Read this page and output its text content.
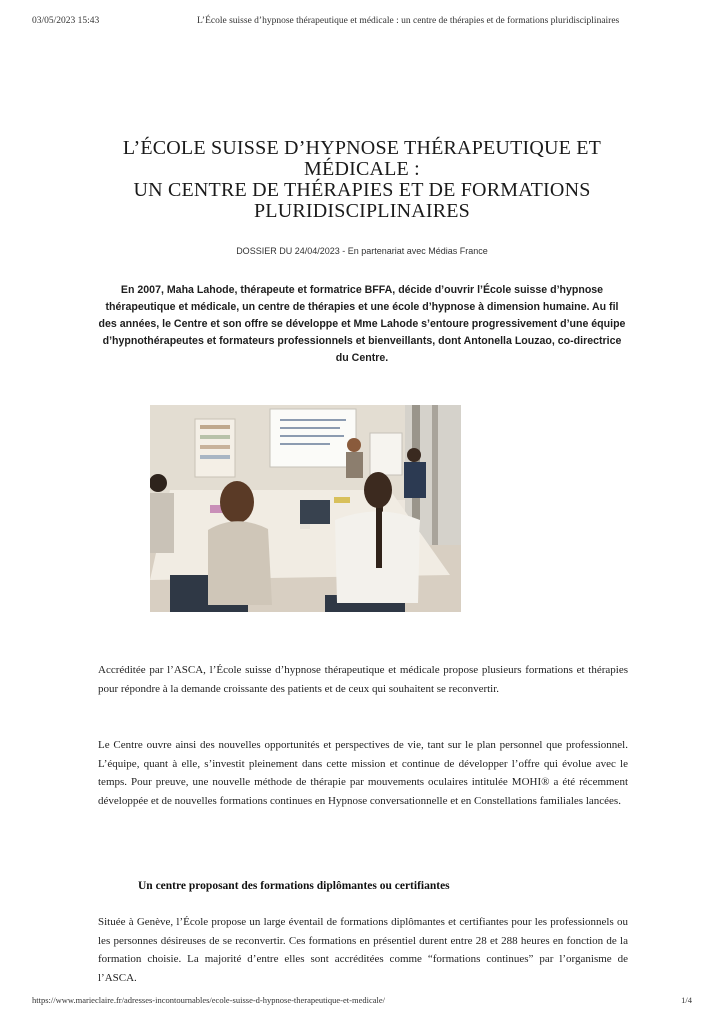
03/05/2023 15:43	L’École suisse d’hypnose thérapeutique et médicale : un centre de thérapies et de formations pluridisciplinaires
L’ÉCOLE SUISSE D’HYPNOSE THÉRAPEUTIQUE ET
MÉDICALE :
UN CENTRE DE THÉRAPIES ET DE FORMATIONS
PLURIDISCIPLINAIRES
DOSSIER DU 24/04/2023 - En partenariat avec Médias France
En 2007, Maha Lahode, thérapeute et formatrice BFFA, décide d’ouvrir l’École suisse d’hypnose thérapeutique et médicale, un centre de thérapies et une école d’hypnose à dimension humaine. Au fil des années, le Centre et son offre se développe et Mme Lahode s’entoure progressivement d’une équipe d’hypnothérapeutes et formateurs professionnels et bienveillants, dont Antonella Louzao, co-directrice du Centre.
Accréditée par l’ASCA, l’École suisse d’hypnose thérapeutique et médicale propose plusieurs formations et thérapies pour répondre à la demande croissante des patients et de ceux qui souhaitent se reconvertir.
Le Centre ouvre ainsi des nouvelles opportunités et perspectives de vie, tant sur le plan personnel que professionnel. L’équipe, quant à elle, s’investit pleinement dans cette mission et continue de développer l’offre qui évolue avec le temps. Pour preuve, une nouvelle méthode de thérapie par mouvements oculaires intitulée MOHI® a été récemment développée et de nouvelles formations continues en Hypnose conversationnelle et en Constellations familiales lancées.
Un centre proposant des formations diplômantes ou certifiantes
Située à Genève, l’École propose un large éventail de formations diplômantes et certifiantes pour les professionnels ou les personnes désireuses de se reconvertir. Ces formations en présentiel durent entre 28 et 288 heures en fonction de la formation choisie. La majorité d’entre elles sont accréditées comme “formations continues” par l’organisme de l’ASCA.
https://www.marieclaire.fr/adresses-incontournables/ecole-suisse-d-hypnose-therapeutique-et-medicale/	1/4
